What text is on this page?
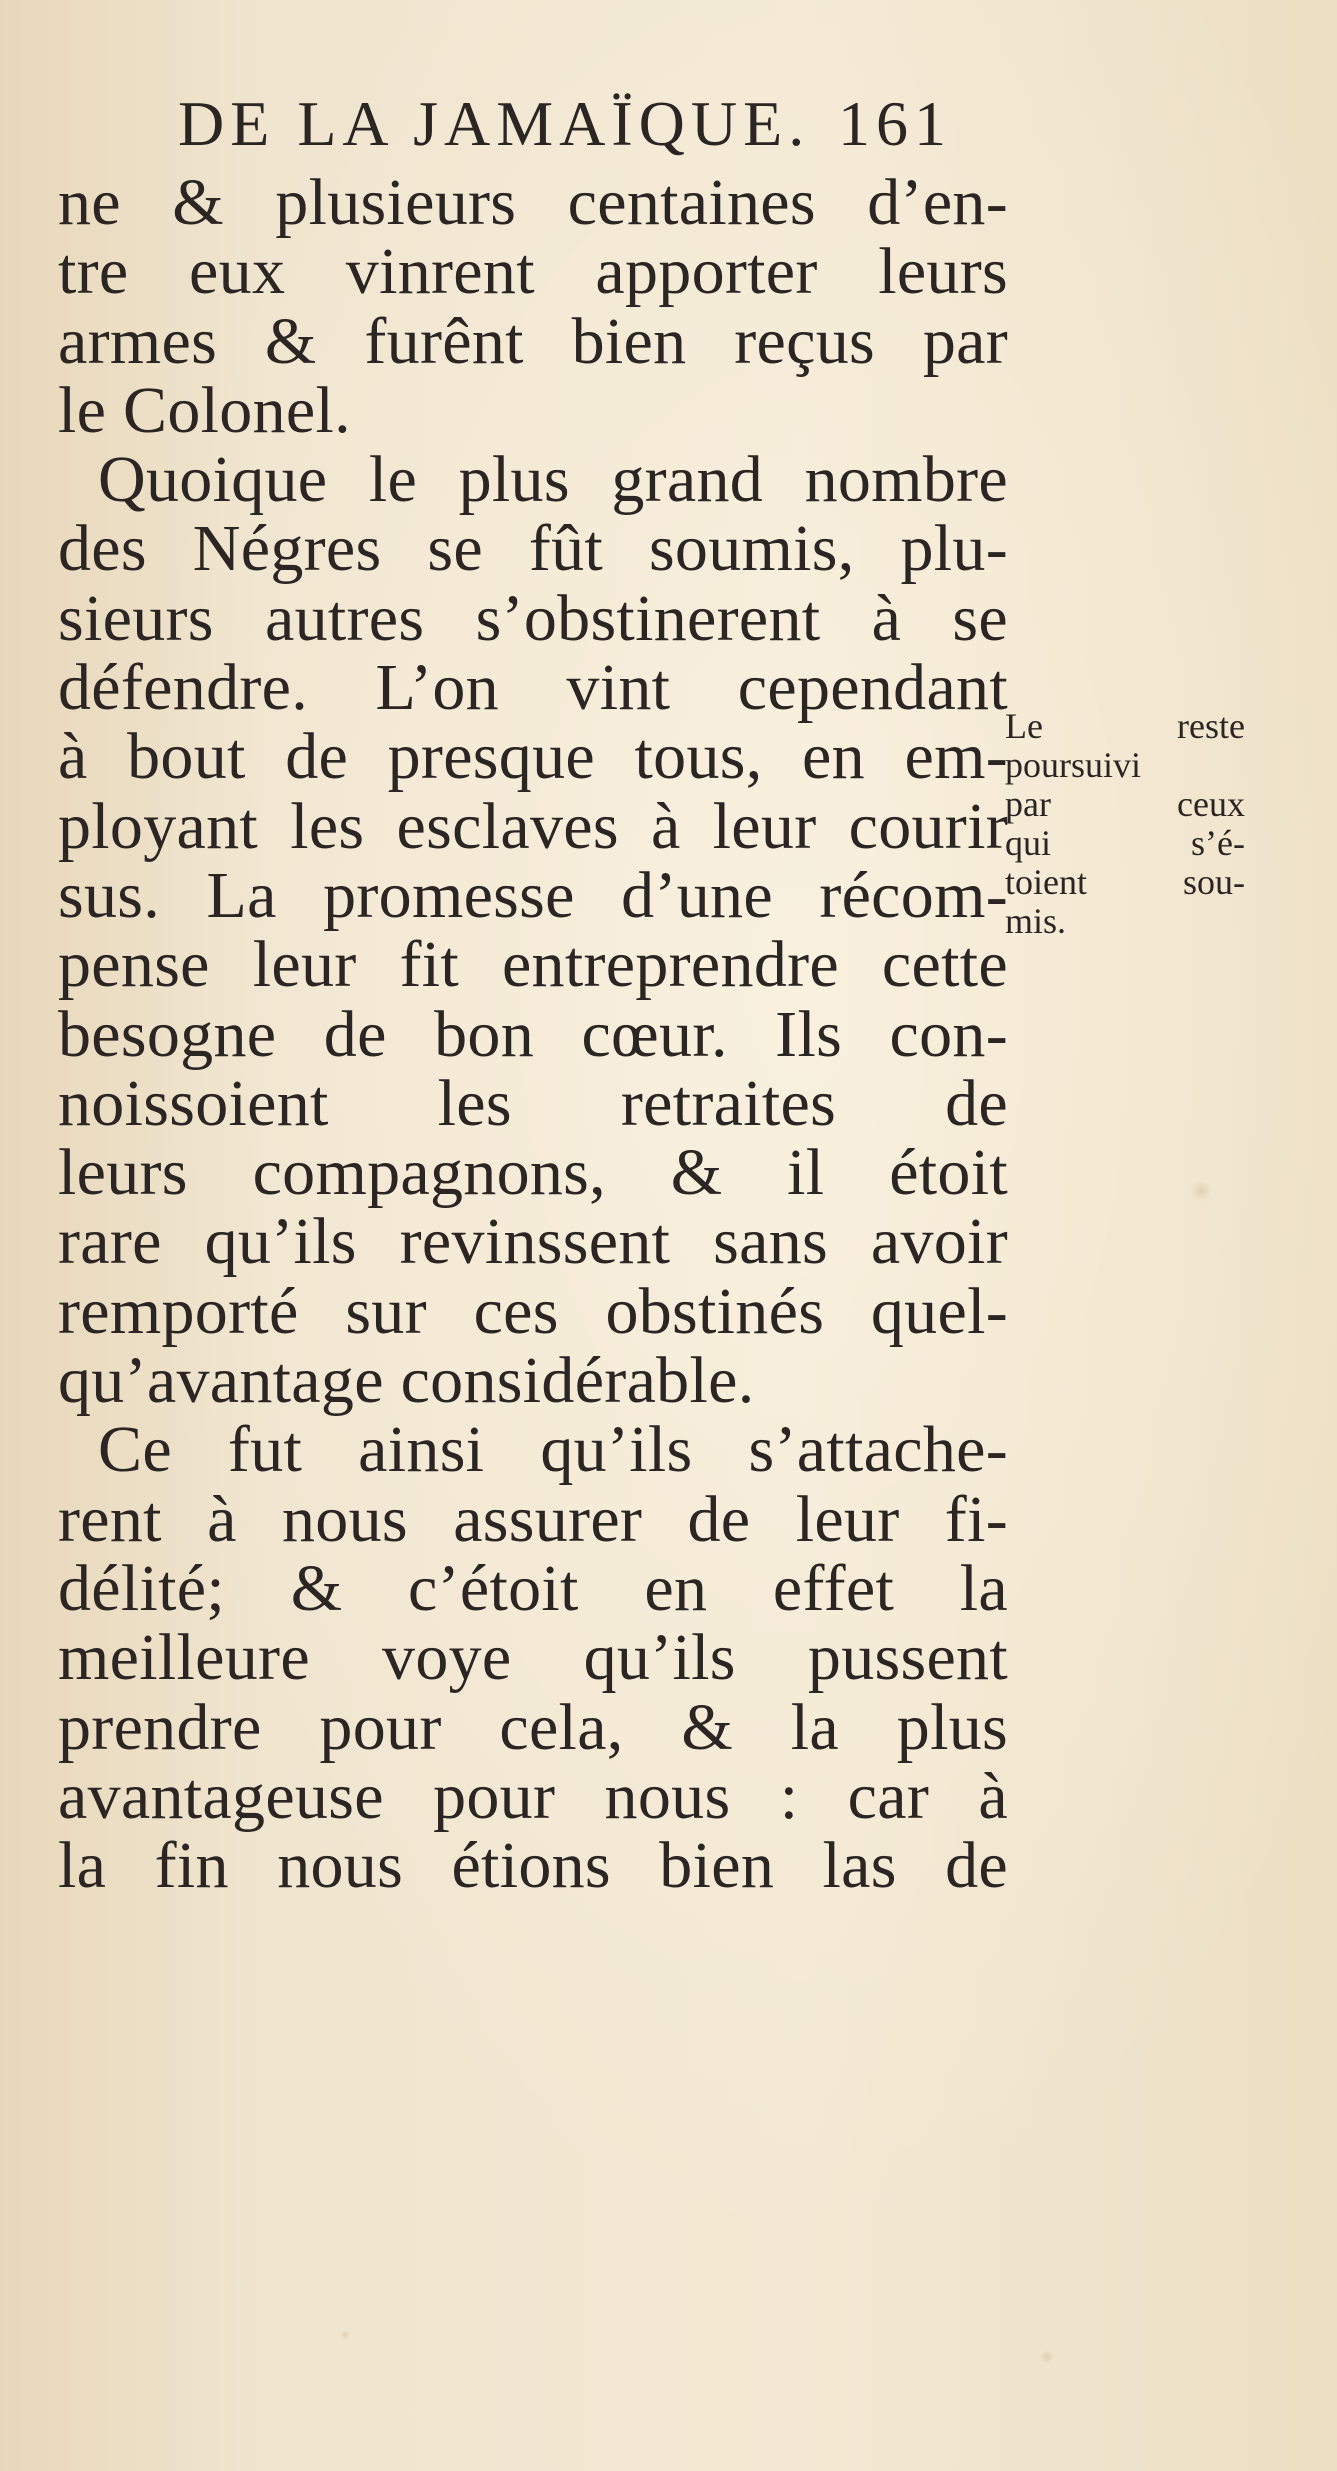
DE LA JAMAÏQUE. 161
ne & plusieurs centaines d’en-
tre eux vinrent apporter leurs
armes & furênt bien reçus par
le Colonel.
Quoique le plus grand nombre
des Négres se fût soumis, plu-
sieurs autres s’obstinerent à se
défendre. L’on vint cependant
à bout de presque tous, en em-
ployant les esclaves à leur courir
sus. La promesse d’une récom-
pense leur fit entreprendre cette
besogne de bon cœur. Ils con-
noissoient les retraites de
leurs compagnons, & il étoit
rare qu’ils revinssent sans avoir
remporté sur ces obstinés quel-
qu’avantage considérable.
Ce fut ainsi qu’ils s’attache-
rent à nous assurer de leur fi-
délité; & c’étoit en effet la
meilleure voye qu’ils pussent
prendre pour cela, & la plus
avantageuse pour nous : car à
la fin nous étions bien las de
Le reste
poursuivi
par ceux
qui s’é-
toient sou-
mis.
